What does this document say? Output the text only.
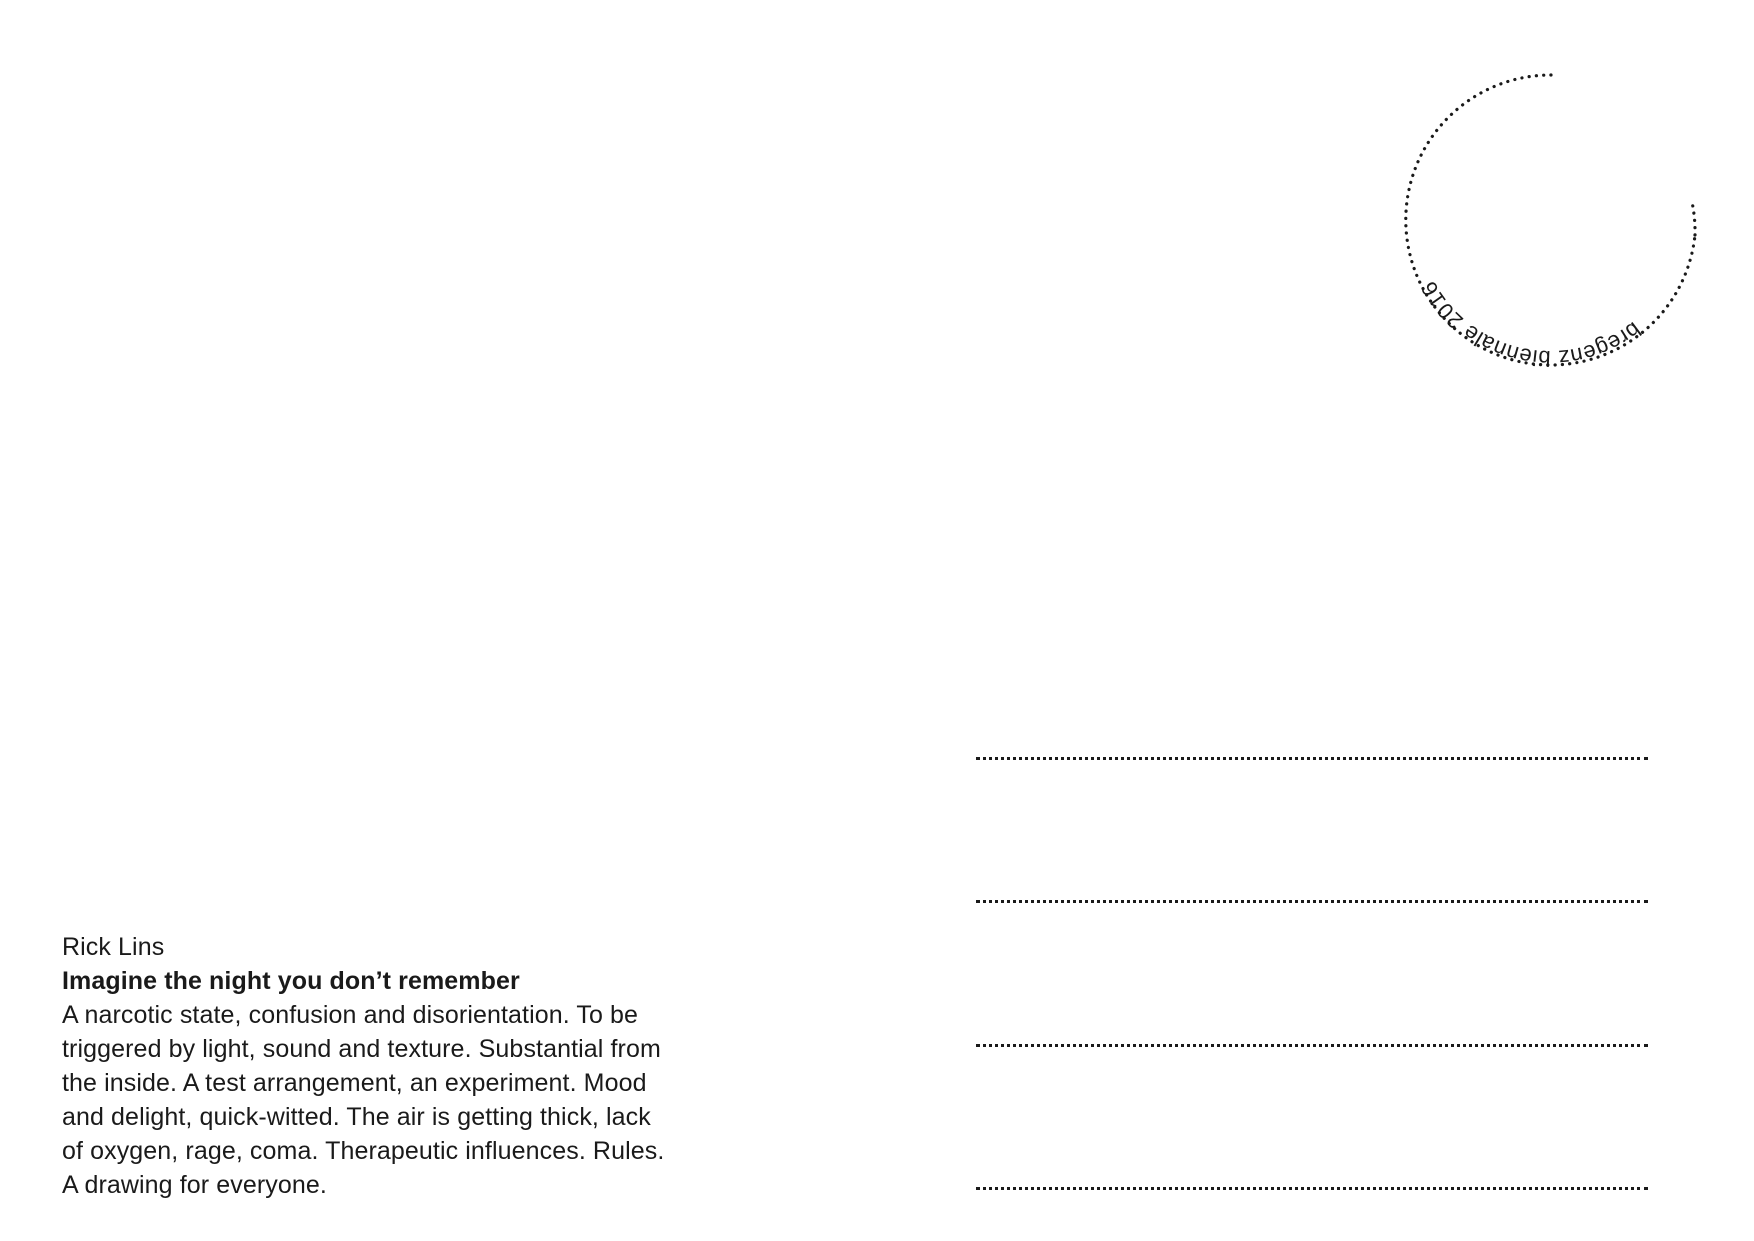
bregenz biennale 2016
Rick Lins
Imagine the night you don’t remember
A narcotic state, confusion and disorientation. To be
triggered by light, sound and texture. Substantial from
the inside. A test arrangement, an experiment. Mood
and delight, quick-witted. The air is getting thick, lack
of oxygen, rage, coma. Therapeutic influences. Rules.
A drawing for everyone.
